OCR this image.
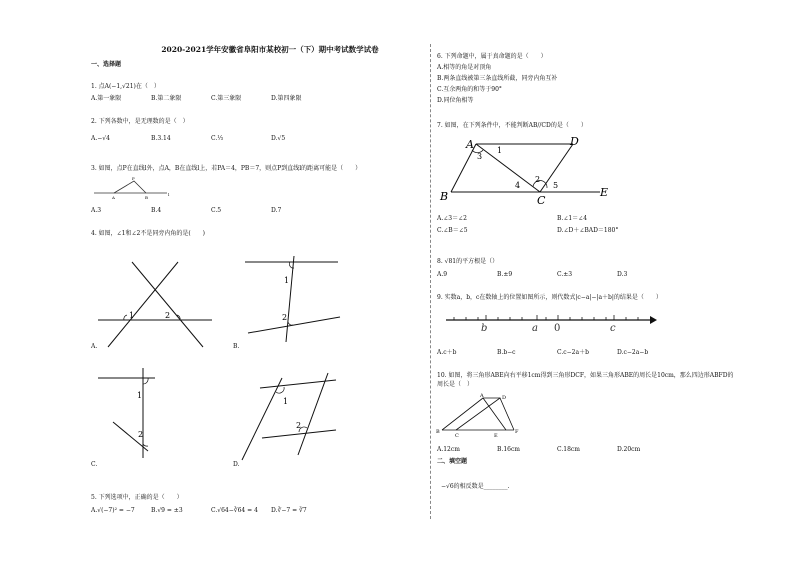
2020-2021学年安徽省阜阳市某校初一（下）期中考试数学试卷
一、选择题
1. 点A(−1,√21)在（　）
A.第一象限	B.第二象限	C.第三象限	D.第四象限
2. 下列各数中，是无理数的是（　）
A.−√4	B.3.14	C.⅓	D.√5
3. 如图，点P在直线l外，点A，B在直线l上，若PA＝4，PB＝7，则点P到直线l的距离可能是（　　）
P
A	B
l
A.3	B.4	C.5	D.7
4. 如图，∠1和∠2不是同旁内角的是(　　)
1	2
1
2
1
2
1
2
A.	B.
C.	D.
5. 下列选项中，正确的是（　　）
A.√(−7)² = −7	B.√9 = ±3	C.√64−∛64 = 4 D.∛−7 = ∛7
6. 下列命题中，属于真命题的是（　　）
A.相等的角是对顶角
B.两条直线被第三条直线所截，同旁内角互补
C.互余两角的和等于90°
D.同位角相等
7. 如图，在下列条件中，不能判断AB//CD的是（　　）
A	D
B	C
E
1
2
3
4	5
A.∠3＝∠2	B.∠1＝∠4
C.∠B＝∠5	D.∠D＋∠BAD＝180°
8. √81的平方根是（）
A.9	B.±9	C.±3	D.3
9. 实数a，b，c在数轴上的位置如图所示，则代数式|c−a|−|a＋b|的结果是（　　）
b	a 0	c
A.c＋b	B.b−c	C.c−2a＋b	D.c−2a−b
10. 如图，将三角形ABE向右平移1cm得到三角形DCF，如果三角形ABE的周长是10cm，那么四边形ABFD的
周长是（　）
A	D
B
C	E
F
A.12cm	B.16cm	C.18cm	D.20cm
二、填空题
−√6的相反数是________.
